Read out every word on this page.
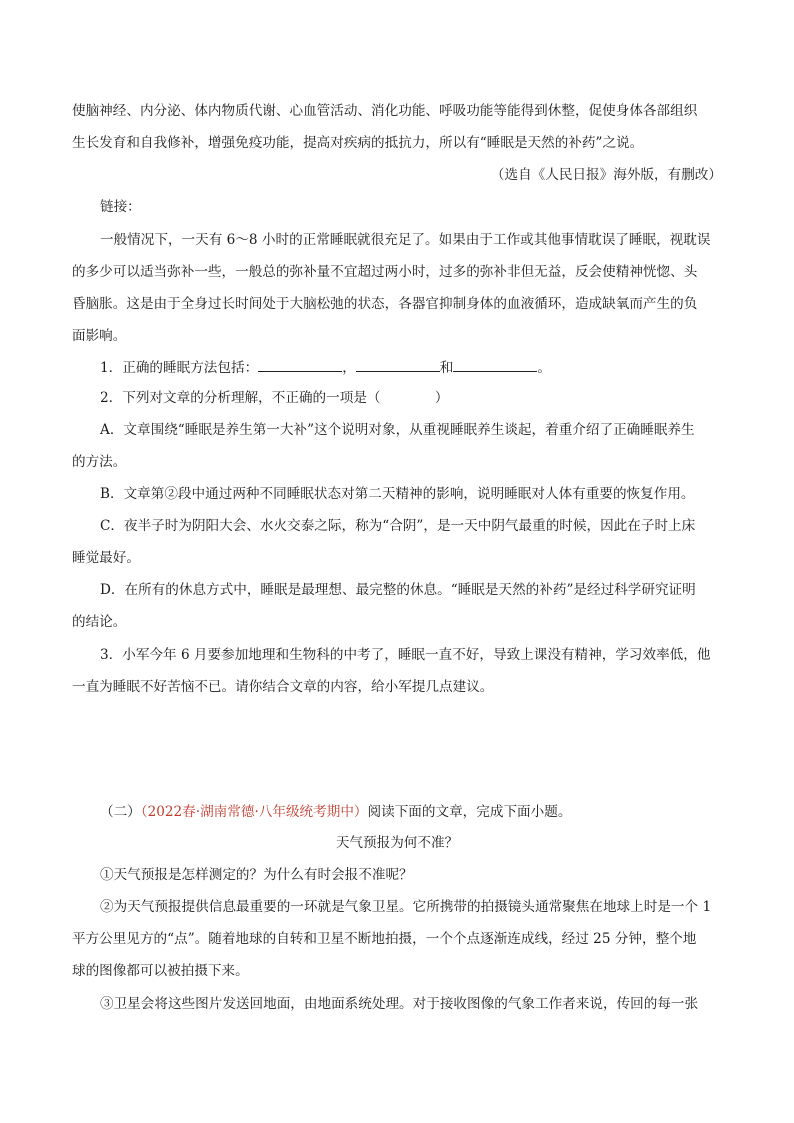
使脑神经、内分泌、体内物质代谢、心血管活动、消化功能、呼吸功能等能得到休整，促使身体各部组织
生长发育和自我修补，增强免疫功能，提高对疾病的抵抗力，所以有“睡眠是天然的补药”之说。
（选自《人民日报》海外版，有删改）
链接：
一般情况下，一天有 6～8 小时的正常睡眠就很充足了。如果由于工作或其他事情耽误了睡眠，视耽误
的多少可以适当弥补一些，一般总的弥补量不宜超过两小时，过多的弥补非但无益，反会使精神恍惚、头
昏脑胀。这是由于全身过长时间处于大脑松弛的状态，各器官抑制身体的血液循环，造成缺氧而产生的负
面影响。
1．正确的睡眠方法包括：	，	和	。
2．下列对文章的分析理解，不正确的一项是（　　　　）
A．文章围绕“睡眠是养生第一大补”这个说明对象，从重视睡眠养生谈起，着重介绍了正确睡眠养生
的方法。
B．文章第②段中通过两种不同睡眠状态对第二天精神的影响，说明睡眠对人体有重要的恢复作用。
C．夜半子时为阴阳大会、水火交泰之际，称为“合阴”，是一天中阴气最重的时候，因此在子时上床
睡觉最好。
D．在所有的休息方式中，睡眠是最理想、最完整的休息。“睡眠是天然的补药”是经过科学研究证明
的结论。
3．小军今年 6 月要参加地理和生物科的中考了，睡眠一直不好，导致上课没有精神，学习效率低，他
一直为睡眠不好苦恼不已。请你结合文章的内容，给小军提几点建议。
（二）（2022春·湖南常德·八年级统考期中）阅读下面的文章，完成下面小题。
天气预报为何不准？
①天气预报是怎样测定的？为什么有时会报不准呢？
②为天气预报提供信息最重要的一环就是气象卫星。它所携带的拍摄镜头通常聚焦在地球上时是一个 1
平方公里见方的“点”。随着地球的自转和卫星不断地拍摄，一个个点逐渐连成线，经过 25 分钟，整个地
球的图像都可以被拍摄下来。
③卫星会将这些图片发送回地面，由地面系统处理。对于接收图像的气象工作者来说，传回的每一张
